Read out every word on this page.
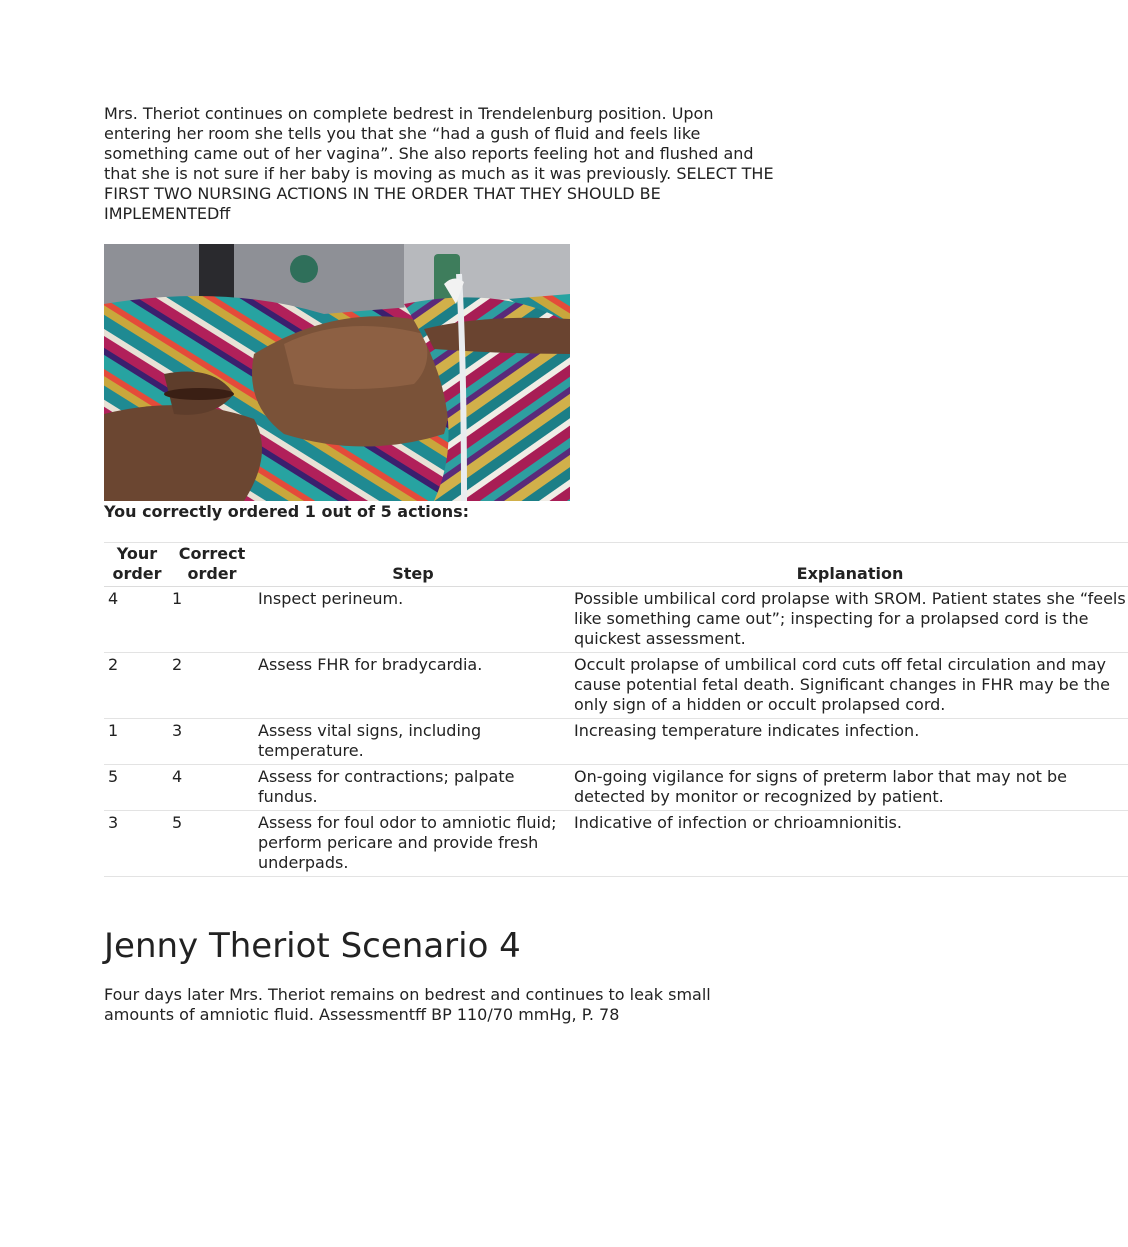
Mrs. Theriot continues on complete bedrest in Trendelenburg position. Upon entering her room she tells you that she “had a gush of fluid and feels like something came out of her vagina”. She also reports feeling hot and flushed and that she is not sure if her baby is moving as much as it was previously. SELECT THE FIRST TWO NURSING ACTIONS IN THE ORDER THAT THEY SHOULD BE IMPLEMENTEDff

You correctly ordered 1 out of 5 actions:

Your order	Correct order	Step	Explanation
4	1	Inspect perineum.	Possible umbilical cord prolapse with SROM. Patient states she “feels like something came out”; inspecting for a prolapsed cord is the quickest assessment.
2	2	Assess FHR for bradycardia.	Occult prolapse of umbilical cord cuts off fetal circulation and may cause potential fetal death. Significant changes in FHR may be the only sign of a hidden or occult prolapsed cord.
1	3	Assess vital signs, including temperature.	Increasing temperature indicates infection.
5	4	Assess for contractions; palpate fundus.	On-going vigilance for signs of preterm labor that may not be detected by monitor or recognized by patient.
3	5	Assess for foul odor to amniotic fluid; perform pericare and provide fresh underpads.	Indicative of infection or chrioamnionitis.
Jenny Theriot Scenario 4

Four days later Mrs. Theriot remains on bedrest and continues to leak small amounts of amniotic fluid. Assessmentff BP 110/70 mmHg, P. 78
